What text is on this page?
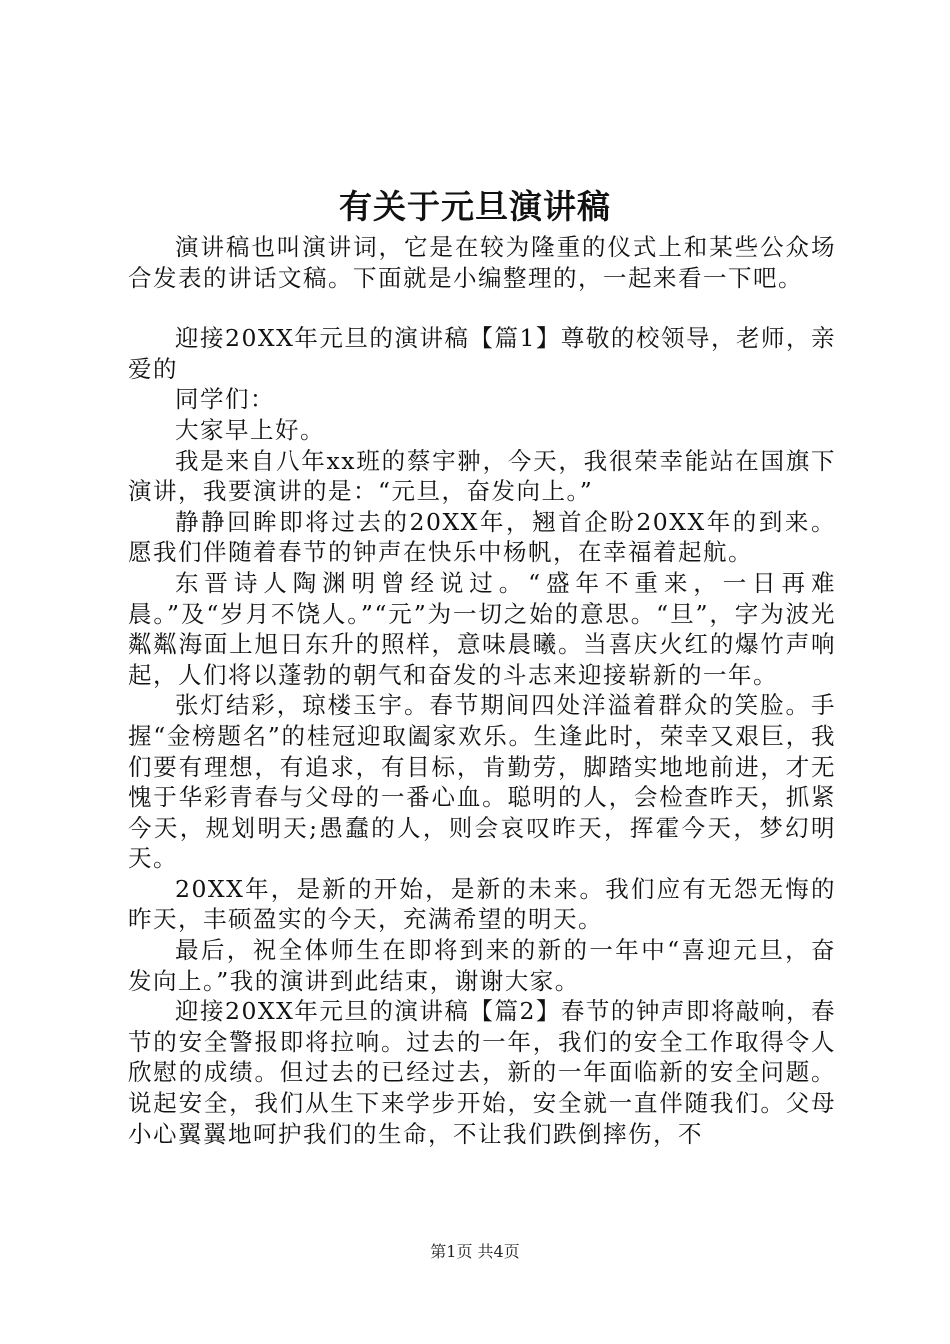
有关于元旦演讲稿

演讲稿也叫演讲词，它是在较为隆重的仪式上和某些公众场合发表的讲话文稿。下面就是小编整理的，一起来看一下吧。

迎接20XX年元旦的演讲稿【篇1】尊敬的校领导，老师，亲爱的

同学们：

大家早上好。

我是来自八年xx班的蔡宇翀，今天，我很荣幸能站在国旗下演讲，我要演讲的是：“元旦，奋发向上。”

静静回眸即将过去的20XX年，翘首企盼20XX年的到来。愿我们伴随着春节的钟声在快乐中杨帆，在幸福着起航。

东晋诗人陶渊明曾经说过。“盛年不重来，一日再难晨。”及“岁月不饶人。”“元”为一切之始的意思。“旦”，字为波光粼粼海面上旭日东升的照样，意味晨曦。当喜庆火红的爆竹声响起，人们将以蓬勃的朝气和奋发的斗志来迎接崭新的一年。

张灯结彩，琼楼玉宇。春节期间四处洋溢着群众的笑脸。手握“金榜题名”的桂冠迎取阖家欢乐。生逢此时，荣幸又艰巨，我们要有理想，有追求，有目标，肯勤劳，脚踏实地地前进，才无愧于华彩青春与父母的一番心血。聪明的人，会检查昨天，抓紧今天，规划明天;愚蠢的人，则会哀叹昨天，挥霍今天，梦幻明天。

20XX年，是新的开始，是新的未来。我们应有无怨无悔的昨天，丰硕盈实的今天，充满希望的明天。

最后，祝全体师生在即将到来的新的一年中“喜迎元旦，奋发向上。”我的演讲到此结束，谢谢大家。

迎接20XX年元旦的演讲稿【篇2】春节的钟声即将敲响，春节的安全警报即将拉响。过去的一年，我们的安全工作取得令人欣慰的成绩。但过去的已经过去，新的一年面临新的安全问题。说起安全，我们从生下来学步开始，安全就一直伴随我们。父母小心翼翼地呵护我们的生命，不让我们跌倒摔伤，不

第1页 共4页
